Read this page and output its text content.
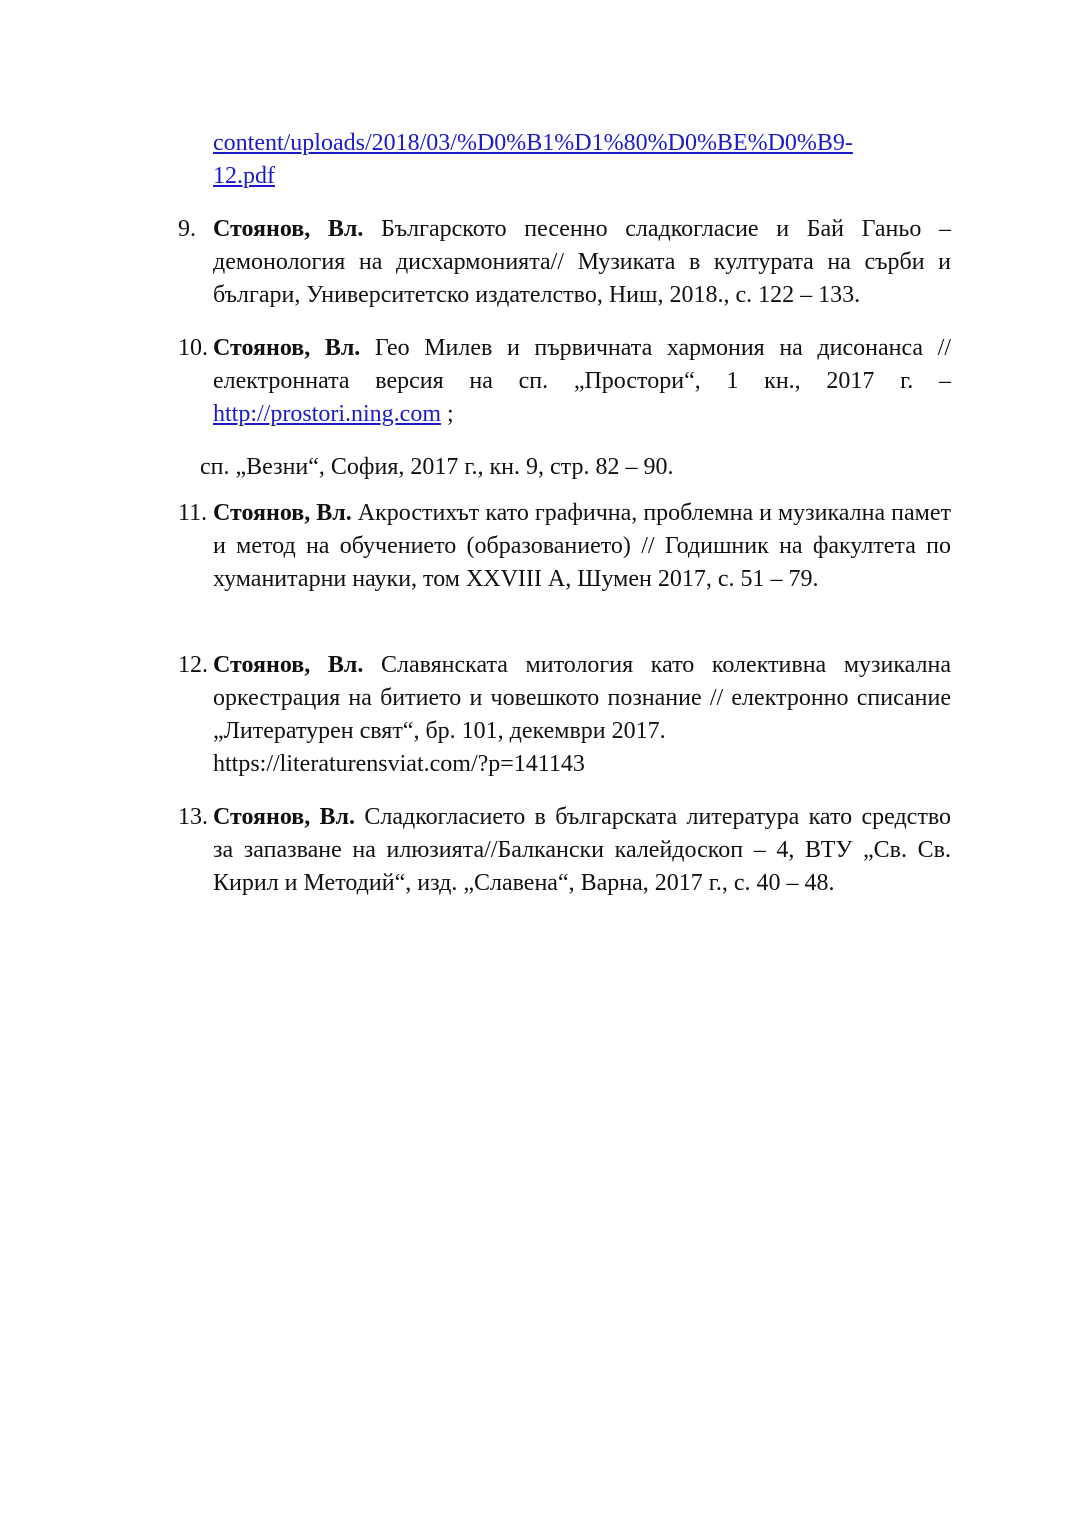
content/uploads/2018/03/%D0%B1%D1%80%D0%BE%D0%B9-
12.pdf
9. Стоянов, Вл. Българското песенно сладкогласие и Бай Ганьо – демонология на дисхармонията// Музиката в културата на сърби и българи, Университетско издателство, Ниш, 2018., с. 122 – 133.
10. Стоянов, Вл. Гео Милев и първичната хармония на дисонанса // електронната версия на сп. „Простори“, 1 кн., 2017 г. – http://prostori.ning.com ;
сп. „Везни“, София, 2017 г., кн. 9, стр. 82 – 90.
11. Стоянов, Вл. Акростихът като графична, проблемна и музикална памет и метод на обучението (образованието) // Годишник на факултета по хуманитарни науки, том XXVIII А, Шумен 2017, с. 51 – 79.
12. Стоянов, Вл. Славянската митология като колективна музикална оркестрация на битието и човешкото познание // електронно списание „Литературен свят“, бр. 101, декември 2017.
https://literaturensviat.com/?p=141143
13. Стоянов, Вл. Сладкогласието в българската литература като средство за запазване на илюзията//Балкански калейдоскоп – 4, ВТУ „Св. Св. Кирил и Методий“, изд. „Славена“, Варна, 2017 г., с. 40 – 48.
